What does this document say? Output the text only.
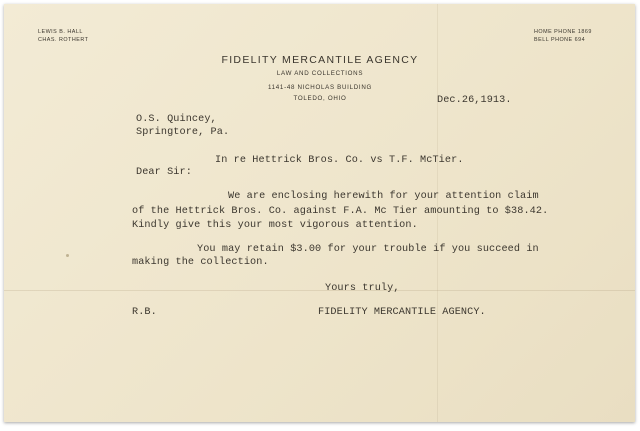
LEWIS B. HALL
CHAS. ROTHERT
HOME PHONE 1869
BELL PHONE 694
FIDELITY MERCANTILE AGENCY
LAW AND COLLECTIONS
1141-48 NICHOLAS BUILDING
TOLEDO, OHIO	Dec.26,1913.
O.S. Quincey,
Springtore, Pa.
In re Hettrick Bros. Co. vs T.F. McTier.
Dear Sir:
We are enclosing herewith for your attention claim
of the Hettrick Bros. Co. against F.A. Mc Tier amounting to $38.42.
Kindly give this your most vigorous attention.
You may retain $3.00 for your trouble if you succeed in
making the collection.
Yours truly,
R.B.	FIDELITY MERCANTILE AGENCY.
